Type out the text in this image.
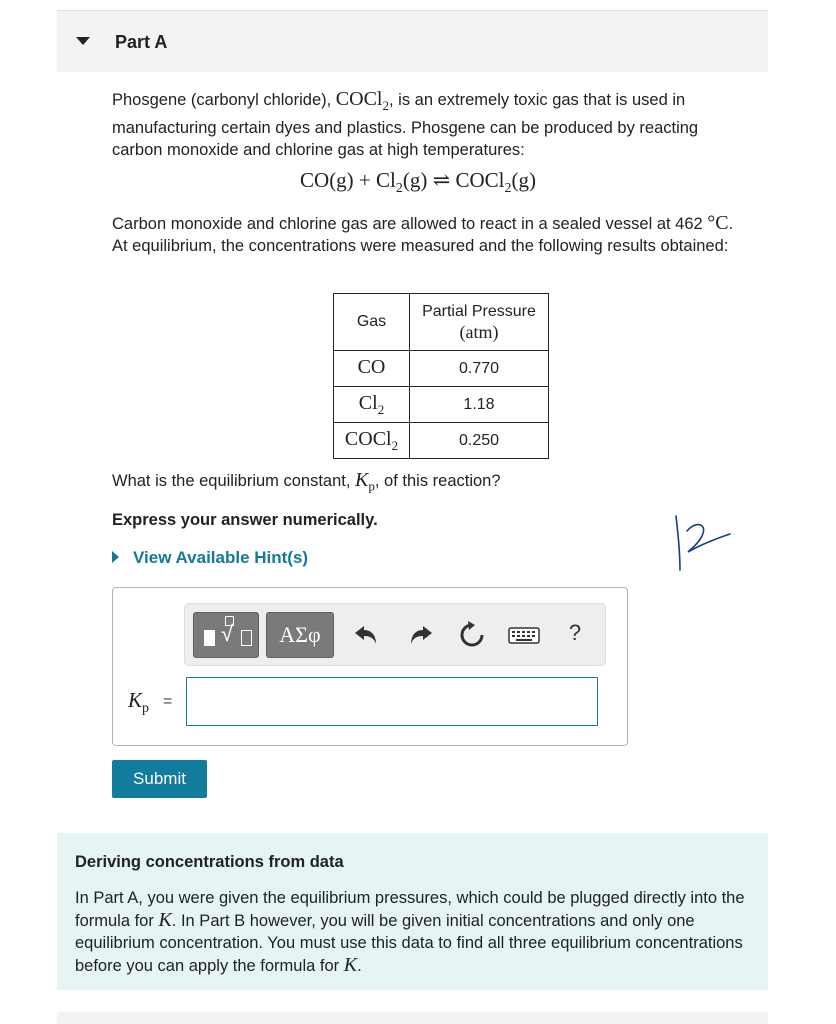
Part A
Phosgene (carbonyl chloride), COCl$_2$, is an extremely toxic gas that is used in manufacturing certain dyes and plastics. Phosgene can be produced by reacting carbon monoxide and chlorine gas at high temperatures:
$CO(g) + Cl_2(g)$ ⇌ COCl$_2$(g)
Carbon monoxide and chlorine gas are allowed to react in a sealed vessel at 462 °C. At equilibrium, the concentrations were measured and the following results obtained:
Gas	Partial Pressure
(atm)
CO	0.770
$Cl_2$	1.18
COCl$_2$	0.250
What is the equilibrium constant, $K_p$, of this reaction?
Express your answer numerically.
View Available Hint(s)
√	ΑΣφ	?
$K_p$ =
Submit
Deriving concentrations from data
In Part A, you were given the equilibrium pressures, which could be plugged directly into the formula for K. In Part B however, you will be given initial concentrations and only one equilibrium concentration. You must use this data to find all three equilibrium concentrations before you can apply the formula for K.
